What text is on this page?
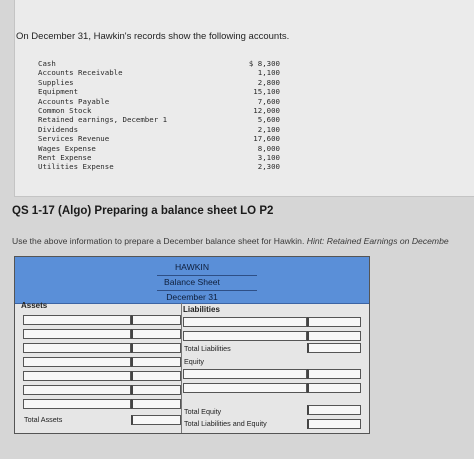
On December 31, Hawkin's records show the following accounts.
Cash	$ 8,300
Accounts Receivable	1,100
Supplies	2,800
Equipment	15,100
Accounts Payable	7,600
Common Stock	12,000
Retained earnings, December 1	5,600
Dividends	2,100
Services Revenue	17,600
Wages Expense	8,000
Rent Expense	3,100
Utilities Expense	2,300
QS 1-17 (Algo) Preparing a balance sheet LO P2
Use the above information to prepare a December balance sheet for Hawkin. Hint: Retained Earnings on Decembe
HAWKIN
Balance Sheet
December 31
Assets	Liabilities
Total Assets
Total Liabilities
Equity
Total Equity
Total Liabilities and Equity
